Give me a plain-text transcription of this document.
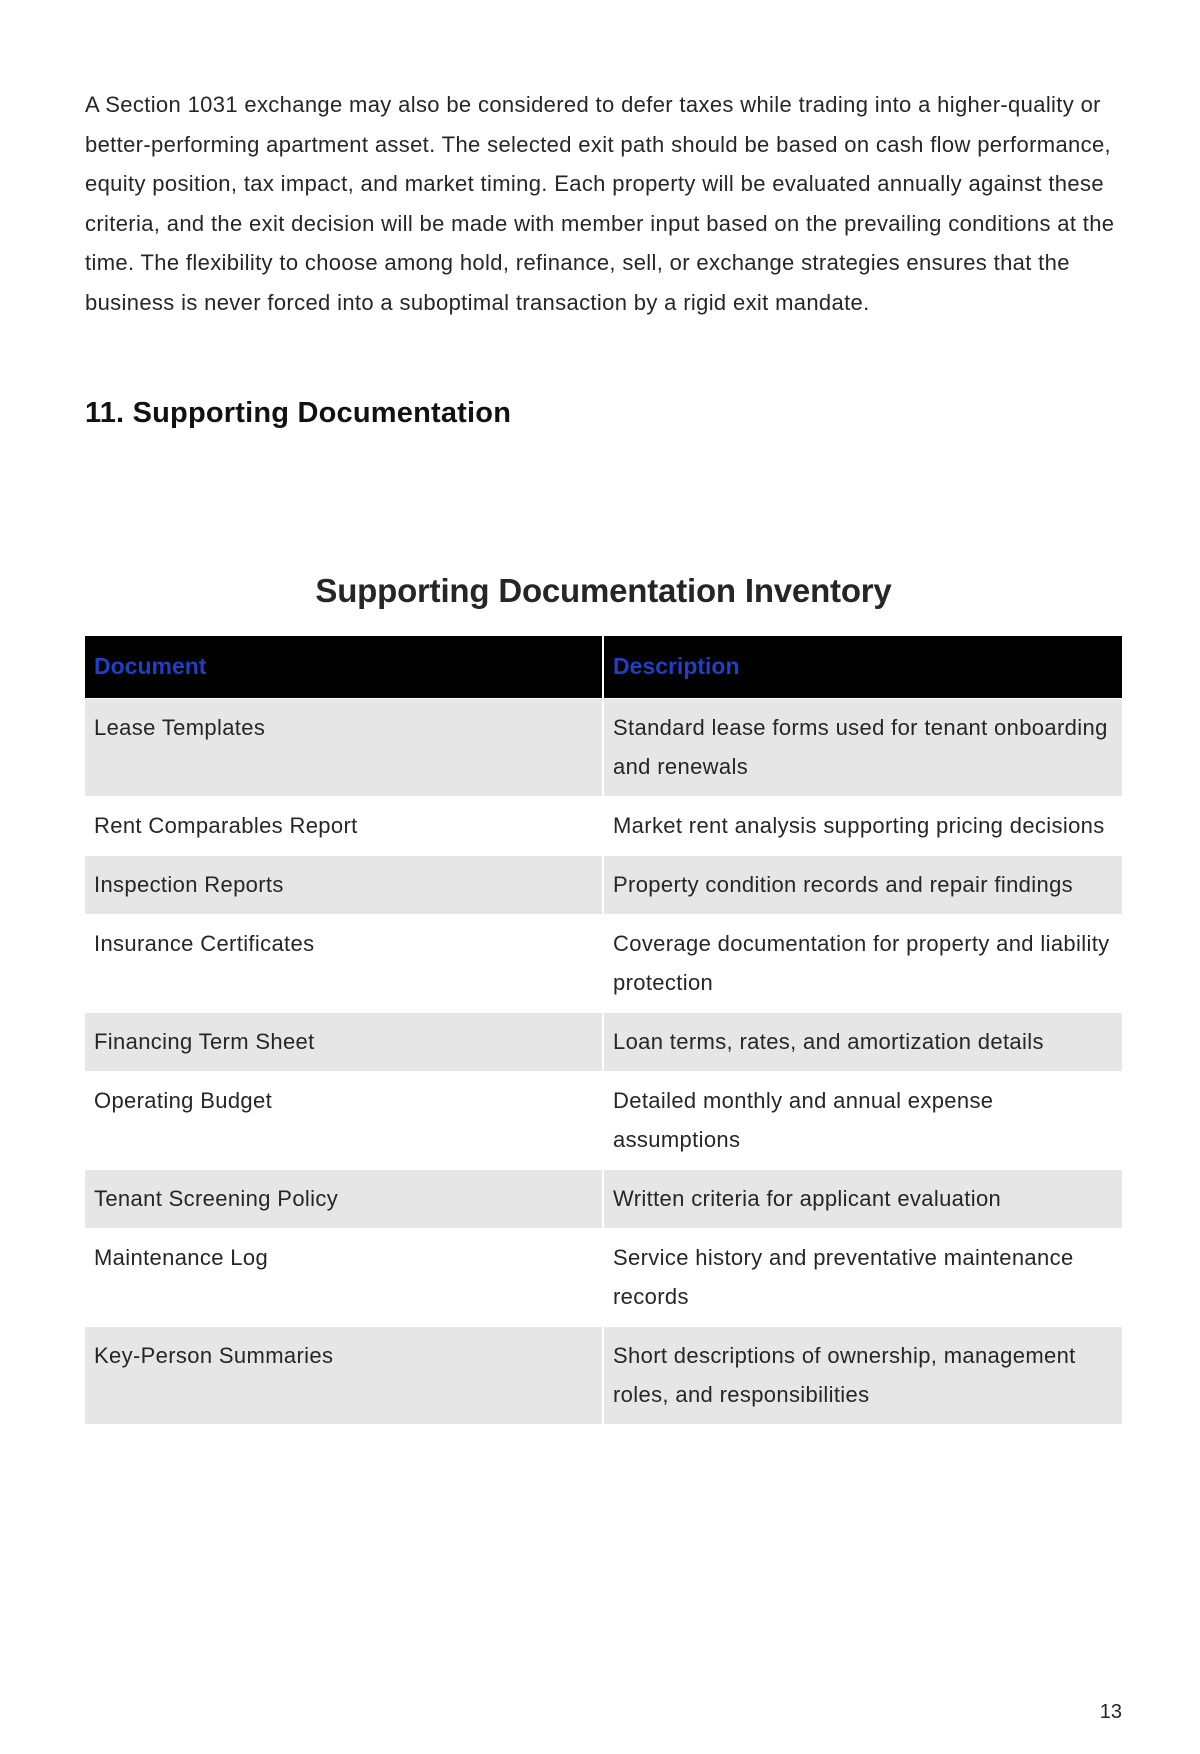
A Section 1031 exchange may also be considered to defer taxes while trading into a higher-quality or better-performing apartment asset. The selected exit path should be based on cash flow performance, equity position, tax impact, and market timing. Each property will be evaluated annually against these criteria, and the exit decision will be made with member input based on the prevailing conditions at the time. The flexibility to choose among hold, refinance, sell, or exchange strategies ensures that the business is never forced into a suboptimal transaction by a rigid exit mandate.

11. Supporting Documentation
Supporting Documentation Inventory
Document	Description
Lease Templates	Standard lease forms used for tenant onboarding and renewals
Rent Comparables Report	Market rent analysis supporting pricing decisions
Inspection Reports	Property condition records and repair findings
Insurance Certificates	Coverage documentation for property and liability protection
Financing Term Sheet	Loan terms, rates, and amortization details
Operating Budget	Detailed monthly and annual expense assumptions
Tenant Screening Policy	Written criteria for applicant evaluation
Maintenance Log	Service history and preventative maintenance records
Key-Person Summaries	Short descriptions of ownership, management roles, and responsibilities

13
